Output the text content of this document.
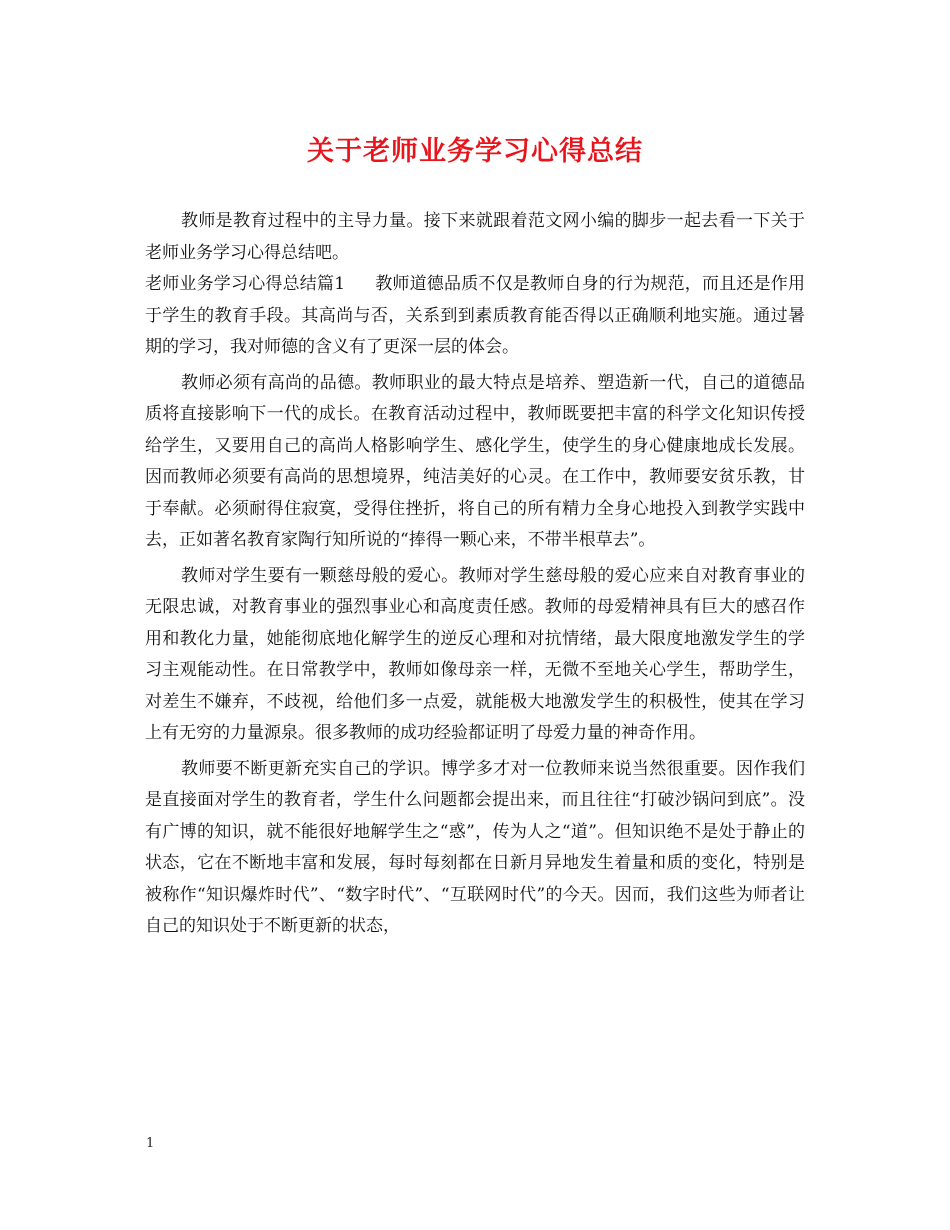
关于老师业务学习心得总结

教师是教育过程中的主导力量。接下来就跟着范文网小编的脚步一起去看一下关于老师业务学习心得总结吧。

老师业务学习心得总结篇1 教师道德品质不仅是教师自身的行为规范，而且还是作用于学生的教育手段。其高尚与否，关系到到素质教育能否得以正确顺利地实施。通过暑期的学习，我对师德的含义有了更深一层的体会。

教师必须有高尚的品德。教师职业的最大特点是培养、塑造新一代，自己的道德品质将直接影响下一代的成长。在教育活动过程中，教师既要把丰富的科学文化知识传授给学生，又要用自己的高尚人格影响学生、感化学生，使学生的身心健康地成长发展。因而教师必须要有高尚的思想境界，纯洁美好的心灵。在工作中，教师要安贫乐教，甘于奉献。必须耐得住寂寞，受得住挫折，将自己的所有精力全身心地投入到教学实践中去，正如著名教育家陶行知所说的“捧得一颗心来，不带半根草去”。

教师对学生要有一颗慈母般的爱心。教师对学生慈母般的爱心应来自对教育事业的无限忠诚，对教育事业的强烈事业心和高度责任感。教师的母爱精神具有巨大的感召作用和教化力量，她能彻底地化解学生的逆反心理和对抗情绪，最大限度地激发学生的学习主观能动性。在日常教学中，教师如像母亲一样，无微不至地关心学生，帮助学生，对差生不嫌弃，不歧视，给他们多一点爱，就能极大地激发学生的积极性，使其在学习上有无穷的力量源泉。很多教师的成功经验都证明了母爱力量的神奇作用。

教师要不断更新充实自己的学识。博学多才对一位教师来说当然很重要。因作我们是直接面对学生的教育者，学生什么问题都会提出来，而且往往“打破沙锅问到底”。没有广博的知识，就不能很好地解学生之“惑”，传为人之“道”。但知识绝不是处于静止的状态，它在不断地丰富和发展，每时每刻都在日新月异地发生着量和质的变化，特别是被称作“知识爆炸时代”、“数字时代”、“互联网时代”的今天。因而，我们这些为师者让自己的知识处于不断更新的状态，

1
